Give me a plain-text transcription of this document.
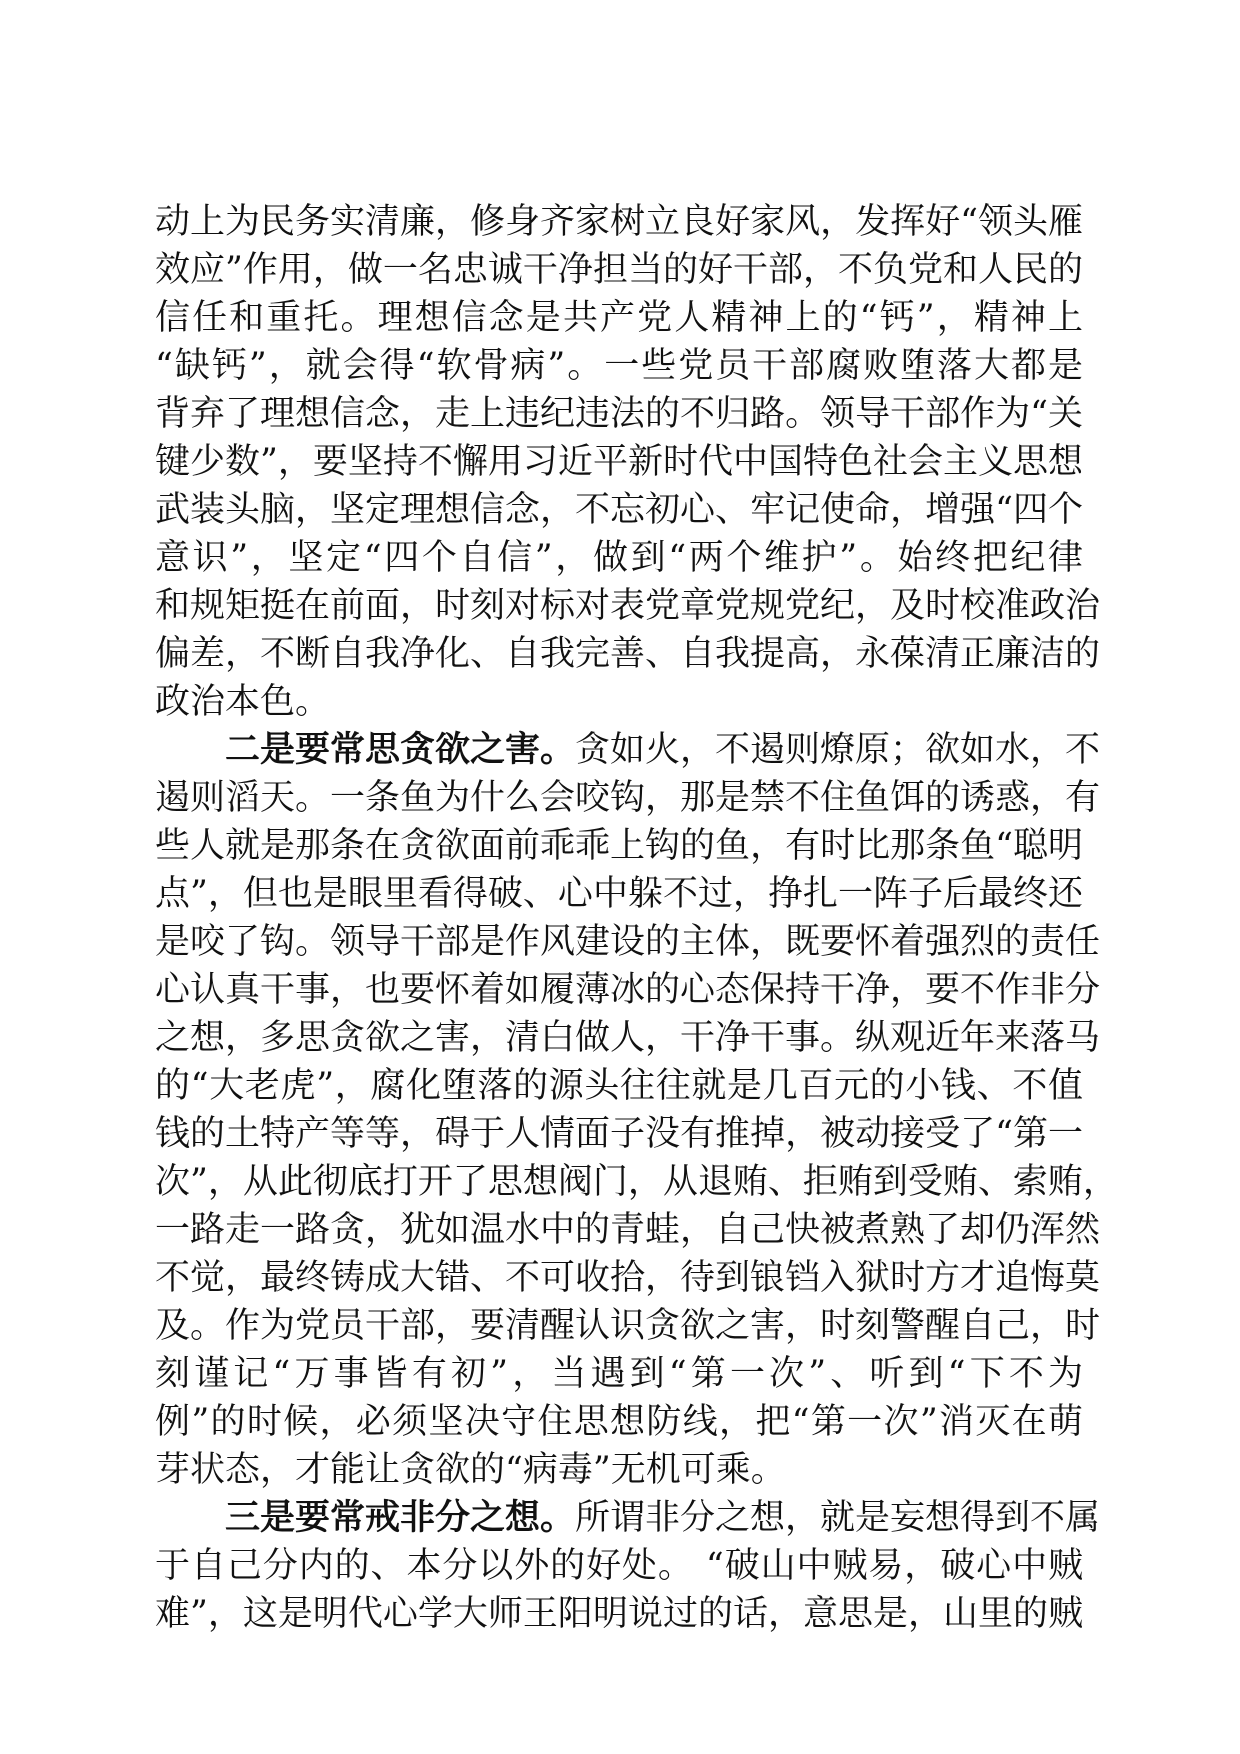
动上为民务实清廉，修身齐家树立良好家风，发挥好“领头雁
效应”作用，做一名忠诚干净担当的好干部，不负党和人民的
信任和重托。理想信念是共产党人精神上的“钙”，精神上
“缺钙”，就会得“软骨病”。一些党员干部腐败堕落大都是
背弃了理想信念，走上违纪违法的不归路。领导干部作为“关
键少数”，要坚持不懈用习近平新时代中国特色社会主义思想
武装头脑，坚定理想信念，不忘初心、牢记使命，增强“四个
意识”，坚定“四个自信”，做到“两个维护”。始终把纪律
和规矩挺在前面，时刻对标对表党章党规党纪，及时校准政治
偏差，不断自我净化、自我完善、自我提高，永葆清正廉洁的
政治本色。
二是要常思贪欲之害。贪如火，不遏则燎原；欲如水，不
遏则滔天。一条鱼为什么会咬钩，那是禁不住鱼饵的诱惑，有
些人就是那条在贪欲面前乖乖上钩的鱼，有时比那条鱼“聪明
点”，但也是眼里看得破、心中躲不过，挣扎一阵子后最终还
是咬了钩。领导干部是作风建设的主体，既要怀着强烈的责任
心认真干事，也要怀着如履薄冰的心态保持干净，要不作非分
之想，多思贪欲之害，清白做人，干净干事。纵观近年来落马
的“大老虎”，腐化堕落的源头往往就是几百元的小钱、不值
钱的土特产等等，碍于人情面子没有推掉，被动接受了“第一
次”，从此彻底打开了思想阀门，从退贿、拒贿到受贿、索贿，
一路走一路贪，犹如温水中的青蛙，自己快被煮熟了却仍浑然
不觉，最终铸成大错、不可收拾，待到锒铛入狱时方才追悔莫
及。作为党员干部，要清醒认识贪欲之害，时刻警醒自己，时
刻谨记“万事皆有初”，当遇到“第一次”、听到“下不为
例”的时候，必须坚决守住思想防线，把“第一次”消灭在萌
芽状态，才能让贪欲的“病毒”无机可乘。
三是要常戒非分之想。所谓非分之想，就是妄想得到不属
于自己分内的、本分以外的好处。 “破山中贼易，破心中贼
难”，这是明代心学大师王阳明说过的话，意思是，山里的贼
